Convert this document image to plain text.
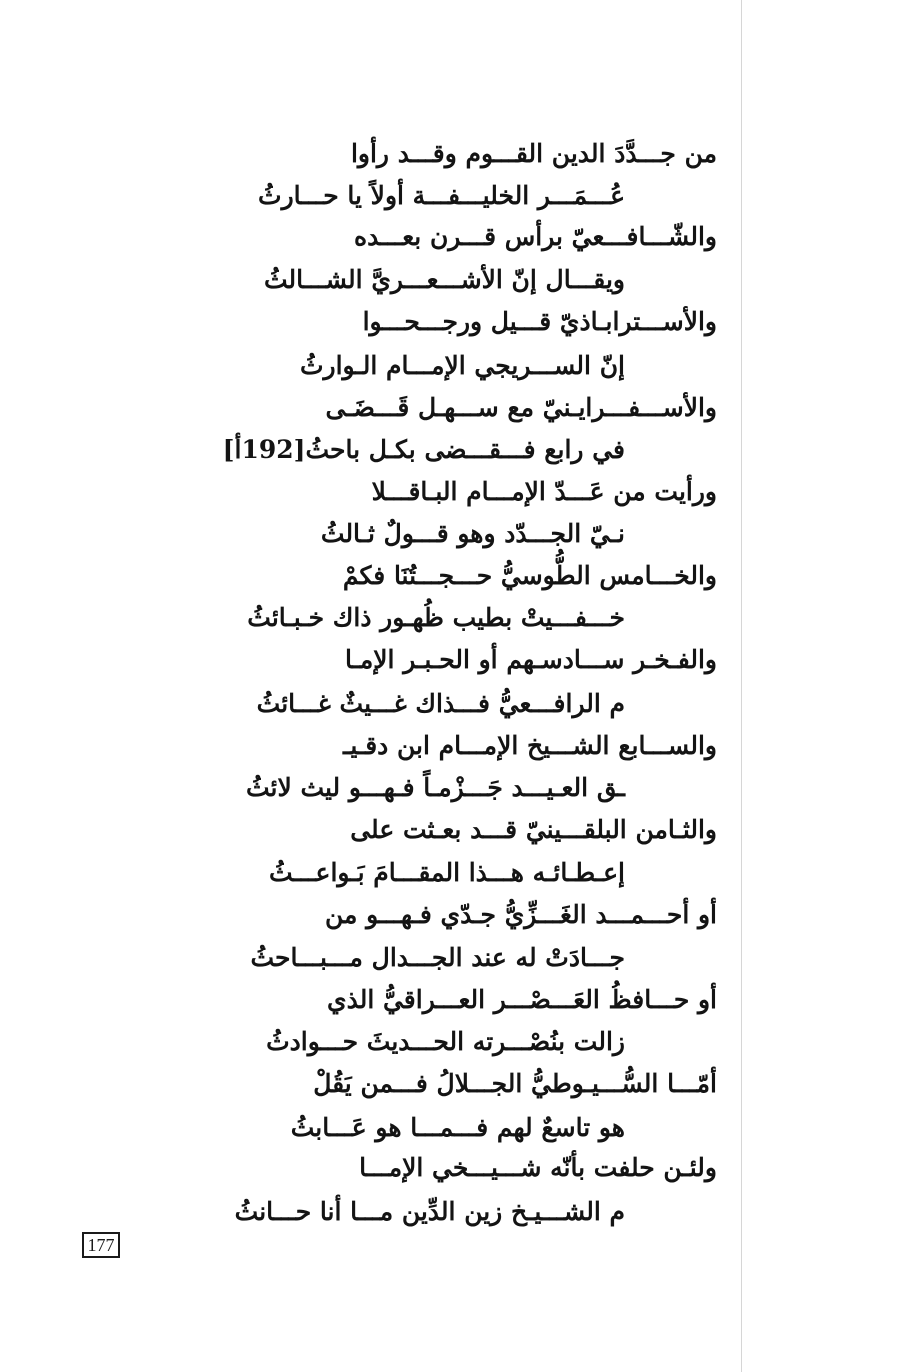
من جـــدَّدَ الدين القـــوم وقـــد رأوا
عُـــمَـــر الخليـــفـــة أولاً يا حـــارثُ
والشّـــافـــعيّ برأس قـــرن بعـــده
ويقـــال إنّ الأشـــعـــريَّ الشـــالثُ
والأســـترابـاذيّ قـــيل ورجـــحـــوا
إنّ الســـريجي الإمـــام الـوارثُ
والأســـفـــرايـنيّ مع ســـهـل قَـــضَـى
في رابع فـــقـــضى بكـل باحثُ[192أ]
ورأيت من عَـــدّ الإمـــام البـاقـــلا
نـيّ الجـــدّد وهو قـــولٌ ثـالثُ
والخـــامس الطُّوسيُّ حـــجـــتُنَا فكمْ
خـــفـــيتْ بطيب ظُهـور ذاك خـبـائثُ
والفـخـر ســـادسـهم أو الحـبـر الإمـا
م الرافـــعيُّ فـــذاك غـــيثٌ غـــائثُ
والســـابع الشـــيخ الإمـــام ابن دقـيـ
ـق العـيـــد جَـــزْمـاً فـهـــو ليث لائثُ
والثـامن البلقـــينيّ قـــد بعـثت على
إعـطـائـه هـــذا المقـــامَ بَـواعـــثُ
أو أحـــمـــد الغَـــزِّيُّ جـدّي فـهـــو من
جـــادَتْ له عند الجـــدال مـــبـــاحثُ
أو حـــافظُ العَـــصْـــر العـــراقيُّ الذي
زالت بنُصْـــرته الحـــديثَ حـــوادثُ
أمّـــا السُّـــيـوطيُّ الجـــلالُ فـــمن يَقُلْ
هو تاسعٌ لهم فـــمـــا هو عَـــابثُ
ولئـن حلفت بأنّه شـــيـــخي الإمـــا
م الشـــيـخ زين الدِّين مـــا أنا حـــانثُ
177
